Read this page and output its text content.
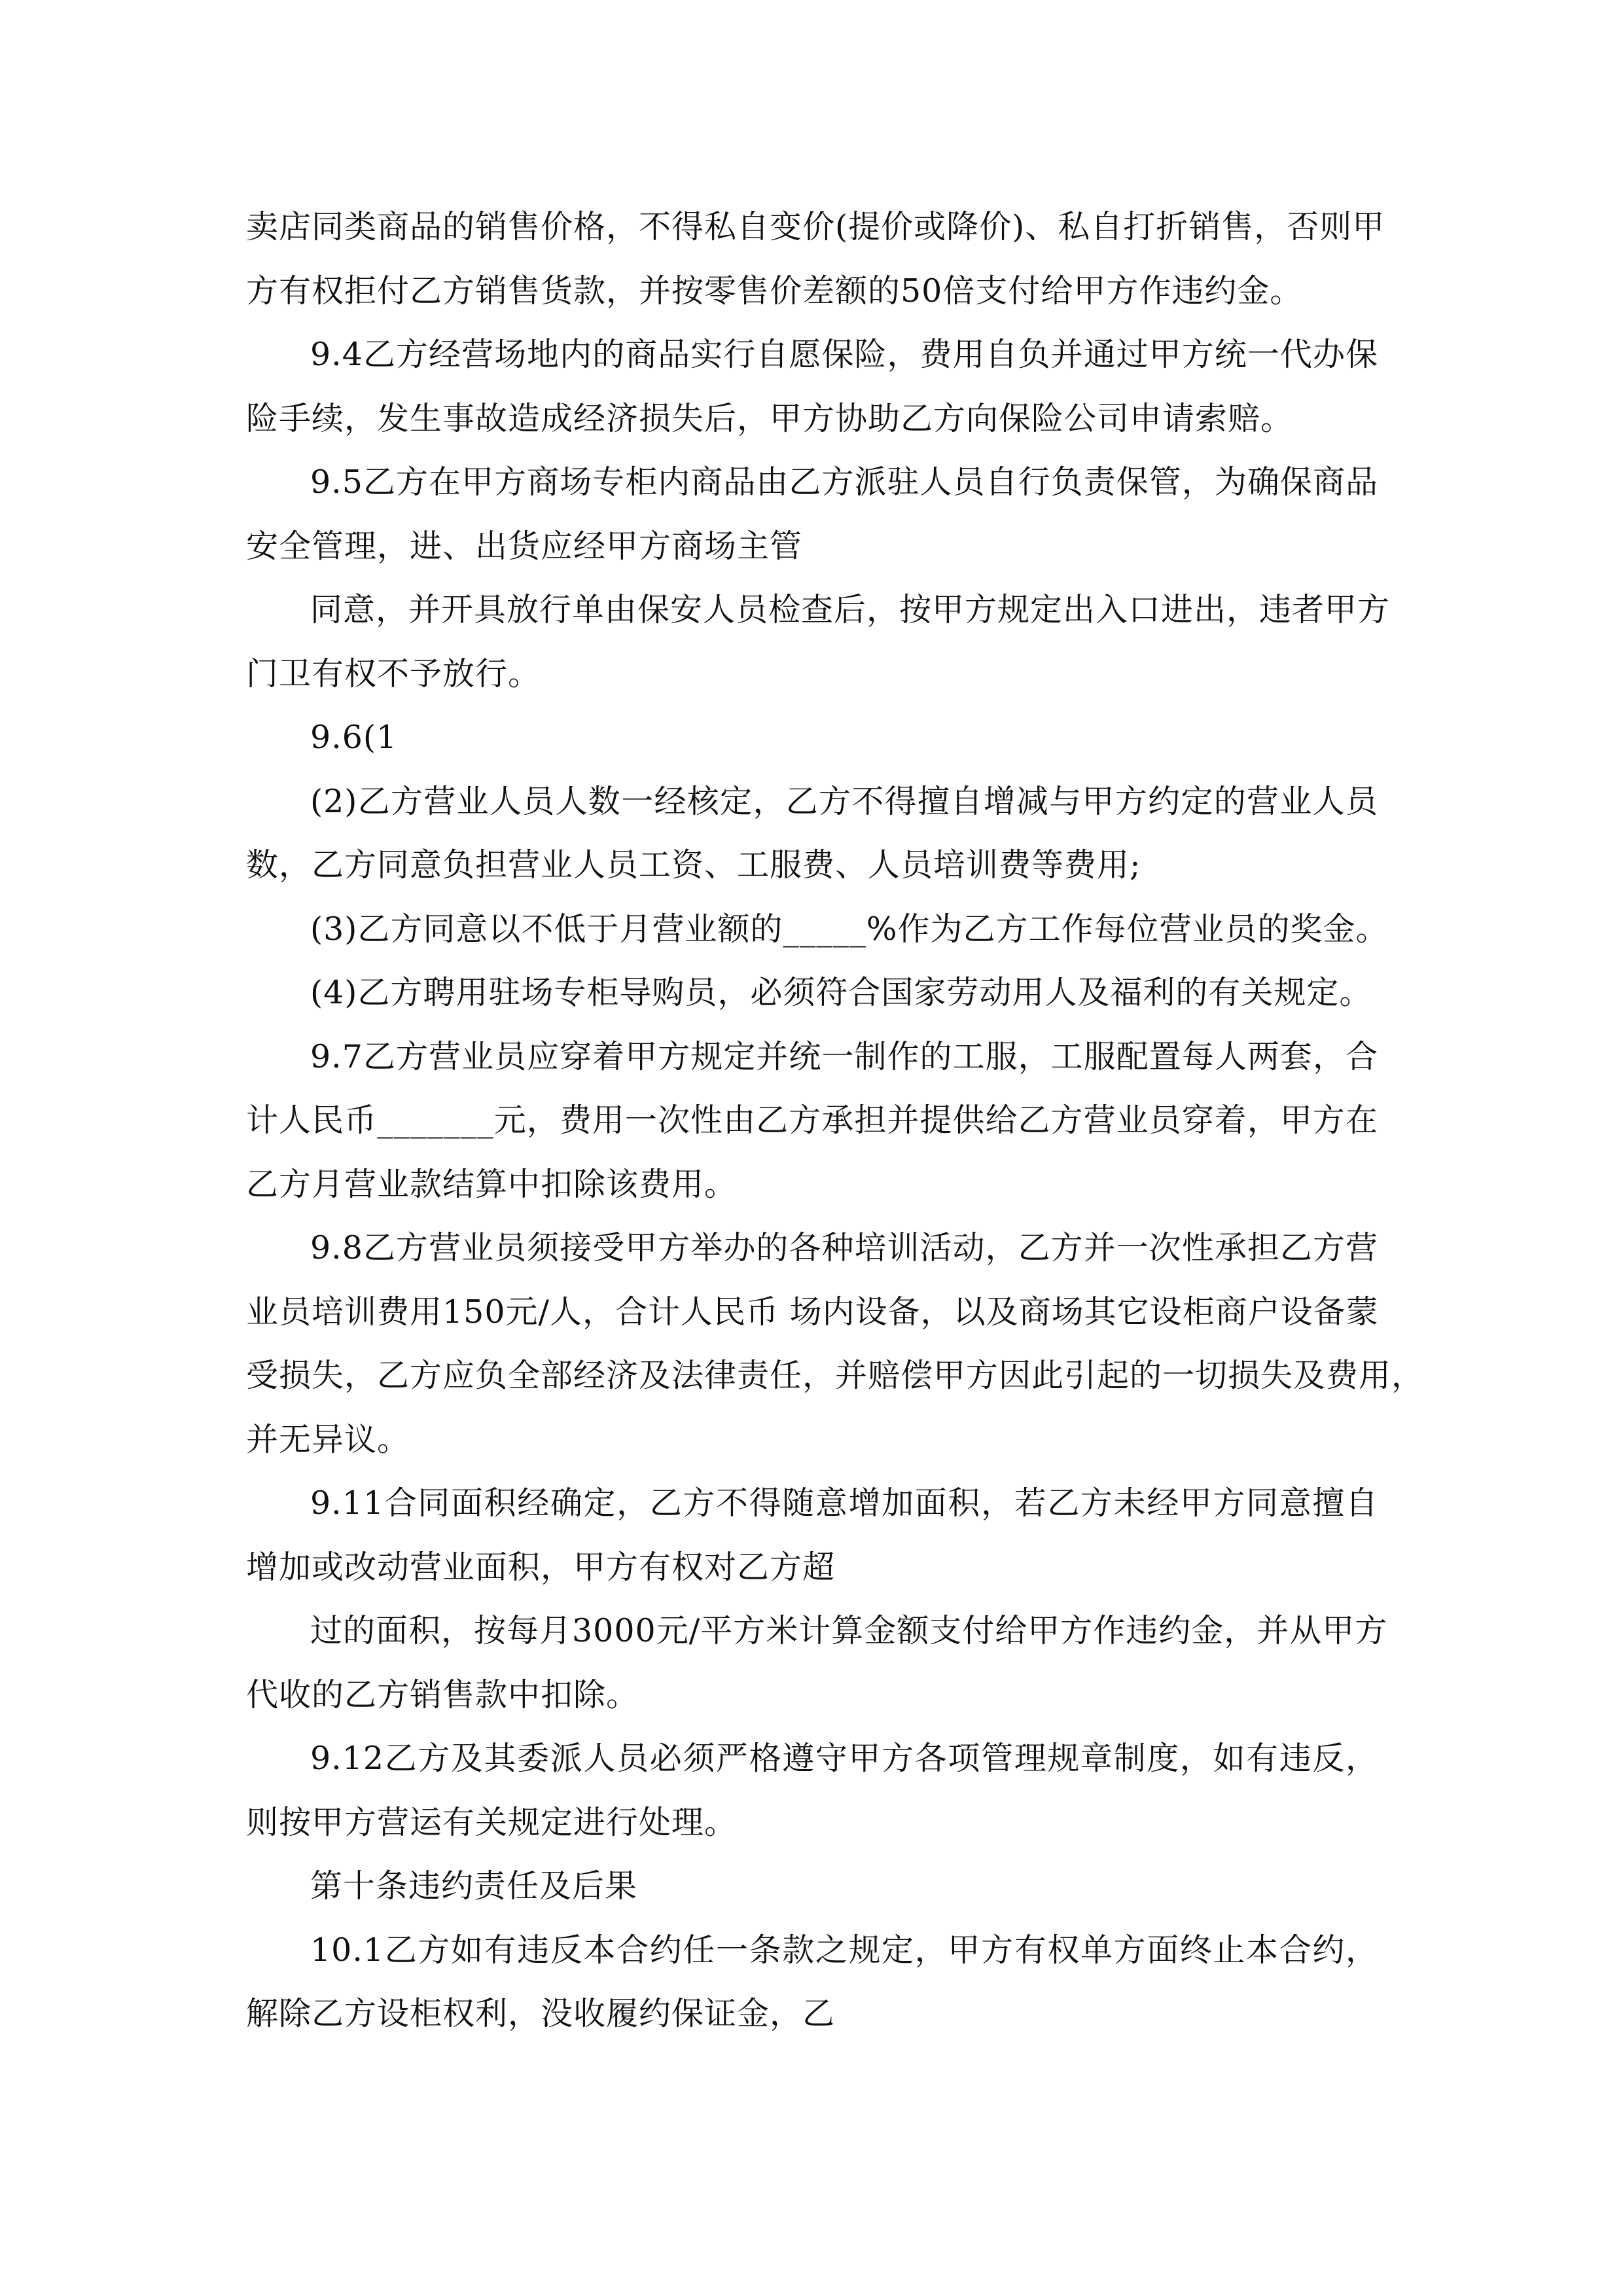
卖店同类商品的销售价格，不得私自变价(提价或降价)、私自打折销售，否则甲
方有权拒付乙方销售货款，并按零售价差额的50倍支付给甲方作违约金。
9.4乙方经营场地内的商品实行自愿保险，费用自负并通过甲方统一代办保
险手续，发生事故造成经济损失后，甲方协助乙方向保险公司申请索赔。
9.5乙方在甲方商场专柜内商品由乙方派驻人员自行负责保管，为确保商品
安全管理，进、出货应经甲方商场主管
同意，并开具放行单由保安人员检查后，按甲方规定出入口进出，违者甲方
门卫有权不予放行。
9.6(1
(2)乙方营业人员人数一经核定，乙方不得擅自增减与甲方约定的营业人员
数，乙方同意负担营业人员工资、工服费、人员培训费等费用;
(3)乙方同意以不低于月营业额的_____%作为乙方工作每位营业员的奖金。
(4)乙方聘用驻场专柜导购员，必须符合国家劳动用人及福利的有关规定。
9.7乙方营业员应穿着甲方规定并统一制作的工服，工服配置每人两套，合
计人民币_______元，费用一次性由乙方承担并提供给乙方营业员穿着，甲方在
乙方月营业款结算中扣除该费用。
9.8乙方营业员须接受甲方举办的各种培训活动，乙方并一次性承担乙方营
业员培训费用150元/人，合计人民币 场内设备，以及商场其它设柜商户设备蒙
受损失，乙方应负全部经济及法律责任，并赔偿甲方因此引起的一切损失及费用，
并无异议。
9.11合同面积经确定，乙方不得随意增加面积，若乙方未经甲方同意擅自
增加或改动营业面积，甲方有权对乙方超
过的面积，按每月3000元/平方米计算金额支付给甲方作违约金，并从甲方
代收的乙方销售款中扣除。
9.12乙方及其委派人员必须严格遵守甲方各项管理规章制度，如有违反，
则按甲方营运有关规定进行处理。
第十条违约责任及后果
10.1乙方如有违反本合约任一条款之规定，甲方有权单方面终止本合约，
解除乙方设柜权利，没收履约保证金，乙
